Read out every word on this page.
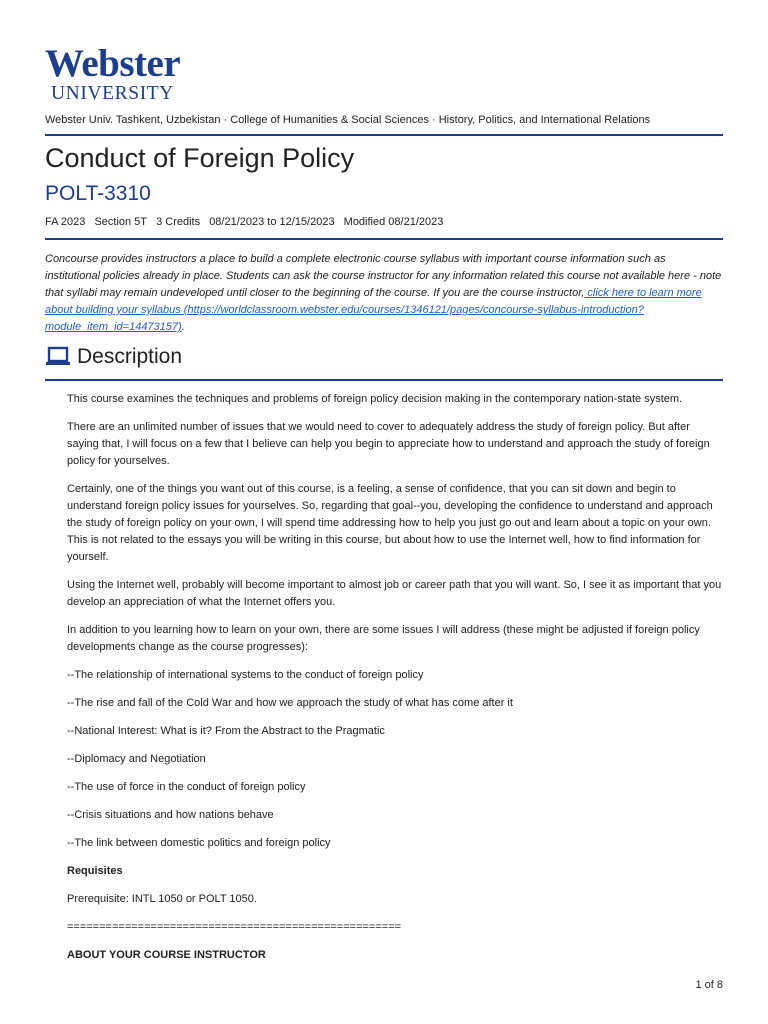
Webster
UNIVERSITY
Webster Univ. Tashkent, Uzbekistan · College of Humanities & Social Sciences · History, Politics, and International Relations
Conduct of Foreign Policy
POLT-3310
FA 2023 Section 5T 3 Credits 08/21/2023 to 12/15/2023 Modified 08/21/2023
Concourse provides instructors a place to build a complete electronic course syllabus with important course information such as institutional policies already in place. Students can ask the course instructor for any information related this course not available here - note that syllabi may remain undeveloped until closer to the beginning of the course. If you are the course instructor, click here to learn more about building your syllabus (https://worldclassroom.webster.edu/courses/1346121/pages/concourse-syllabus-introduction?module_item_id=14473157).
Description

This course examines the techniques and problems of foreign policy decision making in the contemporary nation-state system.

There are an unlimited number of issues that we would need to cover to adequately address the study of foreign policy. But after saying that, I will focus on a few that I believe can help you begin to appreciate how to understand and approach the study of foreign policy for yourselves.

Certainly, one of the things you want out of this course, is a feeling, a sense of confidence, that you can sit down and begin to understand foreign policy issues for yourselves. So, regarding that goal--you, developing the confidence to understand and approach the study of foreign policy on your own, I will spend time addressing how to help you just go out and learn about a topic on your own. This is not related to the essays you will be writing in this course, but about how to use the Internet well, how to find information for yourself.

Using the Internet well, probably will become important to almost job or career path that you will want. So, I see it as important that you develop an appreciation of what the Internet offers you.

In addition to you learning how to learn on your own, there are some issues I will address (these might be adjusted if foreign policy developments change as the course progresses):

--The relationship of international systems to the conduct of foreign policy

--The rise and fall of the Cold War and how we approach the study of what has come after it

--National Interest: What is it? From the Abstract to the Pragmatic

--Diplomacy and Negotiation

--The use of force in the conduct of foreign policy

--Crisis situations and how nations behave

--The link between domestic politics and foreign policy

Requisites

Prerequisite: INTL 1050 or POLT 1050.

====================================================

ABOUT YOUR COURSE INSTRUCTOR

1 of 8
